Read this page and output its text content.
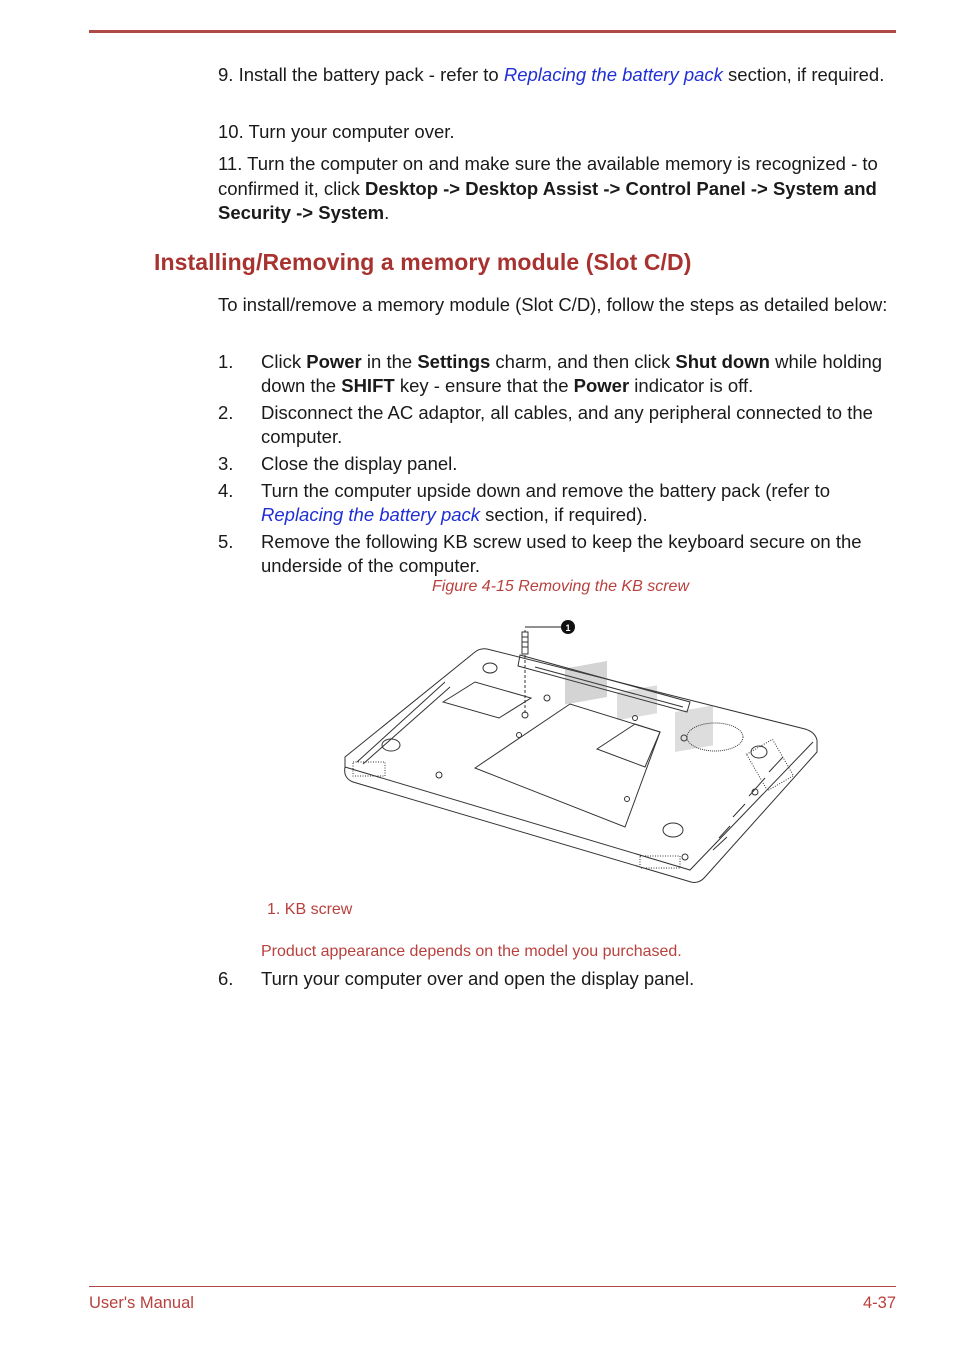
9. Install the battery pack - refer to Replacing the battery pack section, if required.

10. Turn your computer over.

11. Turn the computer on and make sure the available memory is recognized - to confirmed it, click Desktop -> Desktop Assist -> Control Panel -> System and Security -> System.

Installing/Removing a memory module (Slot C/D)

To install/remove a memory module (Slot C/D), follow the steps as detailed below:

1. Click Power in the Settings charm, and then click Shut down while holding down the SHIFT key - ensure that the Power indicator is off.
2. Disconnect the AC adaptor, all cables, and any peripheral connected to the computer.
3. Close the display panel.
4. Turn the computer upside down and remove the battery pack (refer to Replacing the battery pack section, if required).
5. Remove the following KB screw used to keep the keyboard secure on the underside of the computer.

Figure 4-15 Removing the KB screw

1

1. KB screw

Product appearance depends on the model you purchased.

6. Turn your computer over and open the display panel.

User's Manual	4-37
